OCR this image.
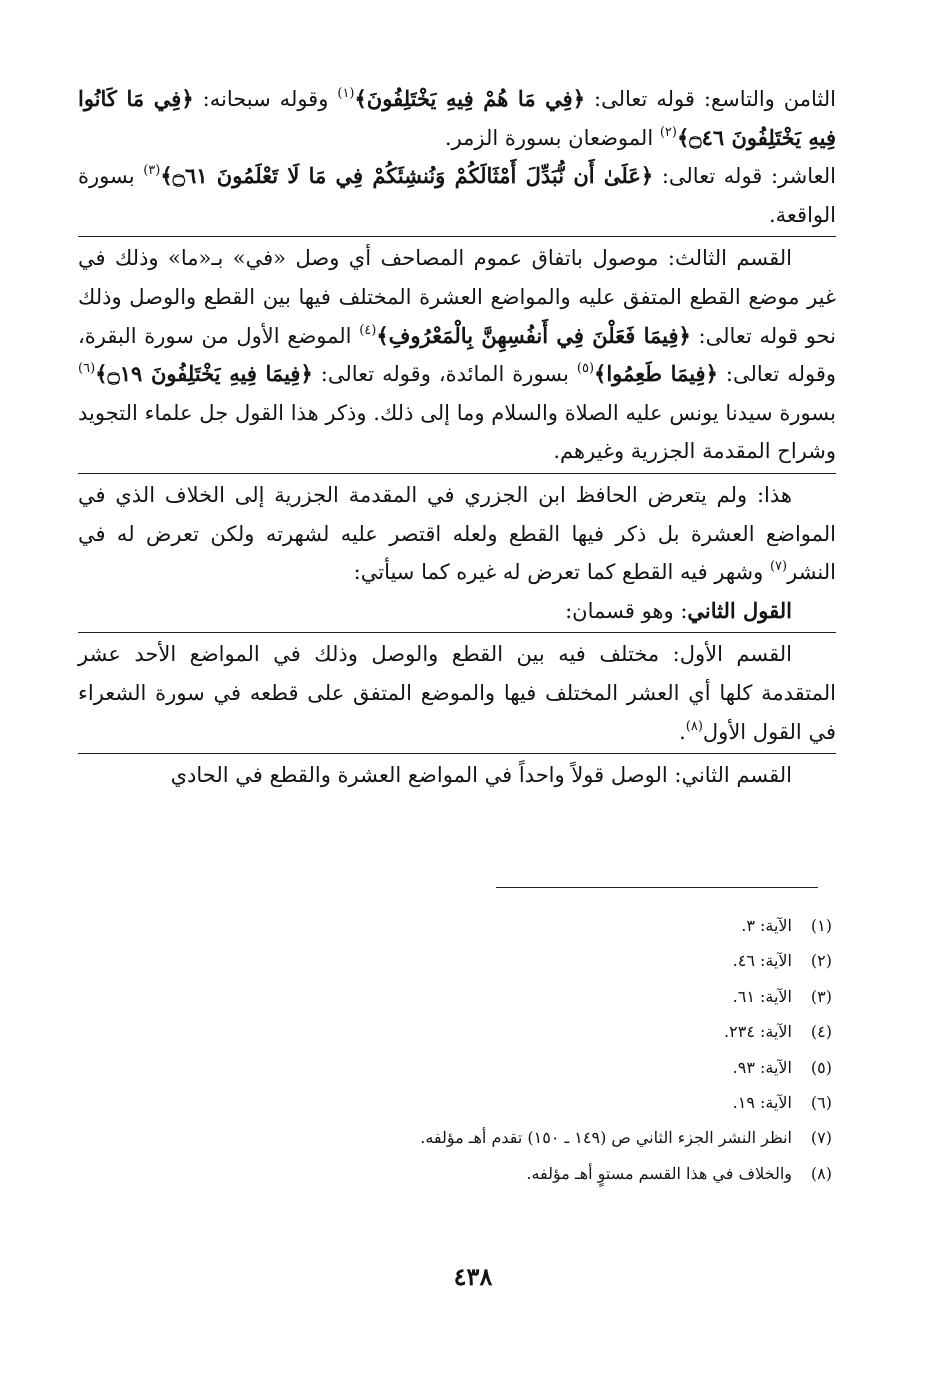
الثامن والتاسع: قوله تعالى: ﴿فِي مَا هُمْ فِيهِ يَخْتَلِفُونَ﴾$^{(١)}$ وقوله سبحانه: ﴿فِي مَا كَانُوا فِيهِ يَخْتَلِفُونَ ۝٤٦﴾$^{(٢)}$ الموضعان بسورة الزمر.

العاشر: قوله تعالى: ﴿عَلَىٰ أَن نُّبَدِّلَ أَمْثَالَكُمْ وَنُنشِئَكُمْ فِي مَا لَا تَعْلَمُونَ ۝٦١﴾$^{(٣)}$ بسورة الواقعة.

القسم الثالث: موصول باتفاق عموم المصاحف أي وصل «في» بـ«ما» وذلك في غير موضع القطع المتفق عليه والمواضع العشرة المختلف فيها بين القطع والوصل وذلك نحو قوله تعالى: ﴿فِيمَا فَعَلْنَ فِي أَنفُسِهِنَّ بِالْمَعْرُوفِ﴾$^{(٤)}$ الموضع الأول من سورة البقرة، وقوله تعالى: ﴿فِيمَا طَعِمُوا﴾$^{(٥)}$ بسورة المائدة، وقوله تعالى: ﴿فِيمَا فِيهِ يَخْتَلِفُونَ ۝١٩﴾$^{(٦)}$ بسورة سيدنا يونس عليه الصلاة والسلام وما إلى ذلك. وذكر هذا القول جل علماء التجويد وشراح المقدمة الجزرية وغيرهم.

هذا: ولم يتعرض الحافظ ابن الجزري في المقدمة الجزرية إلى الخلاف الذي في المواضع العشرة بل ذكر فيها القطع ولعله اقتصر عليه لشهرته ولكن تعرض له في النشر$^{(٧)}$ وشهر فيه القطع كما تعرض له غيره كما سيأتي:

القول الثاني: وهو قسمان:

القسم الأول: مختلف فيه بين القطع والوصل وذلك في المواضع الأحد عشر المتقدمة كلها أي العشر المختلف فيها والموضع المتفق على قطعه في سورة الشعراء في القول الأول$^{(٨)}$.

القسم الثاني: الوصل قولاً واحداً في المواضع العشرة والقطع في الحادي

(١)
الآية: ٣.
(٢)
الآية: ٤٦.
(٣)
الآية: ٦١.
(٤)
الآية: ٢٣٤.
(٥)
الآية: ٩٣.
(٦)
الآية: ١٩.
(٧)
انظر النشر الجزء الثاني ص (١٤٩ ـ ١٥٠) تقدم أهـ مؤلفه.
(٨)
والخلاف في هذا القسم مستوٍ أهـ مؤلفه.
٤٣٨
